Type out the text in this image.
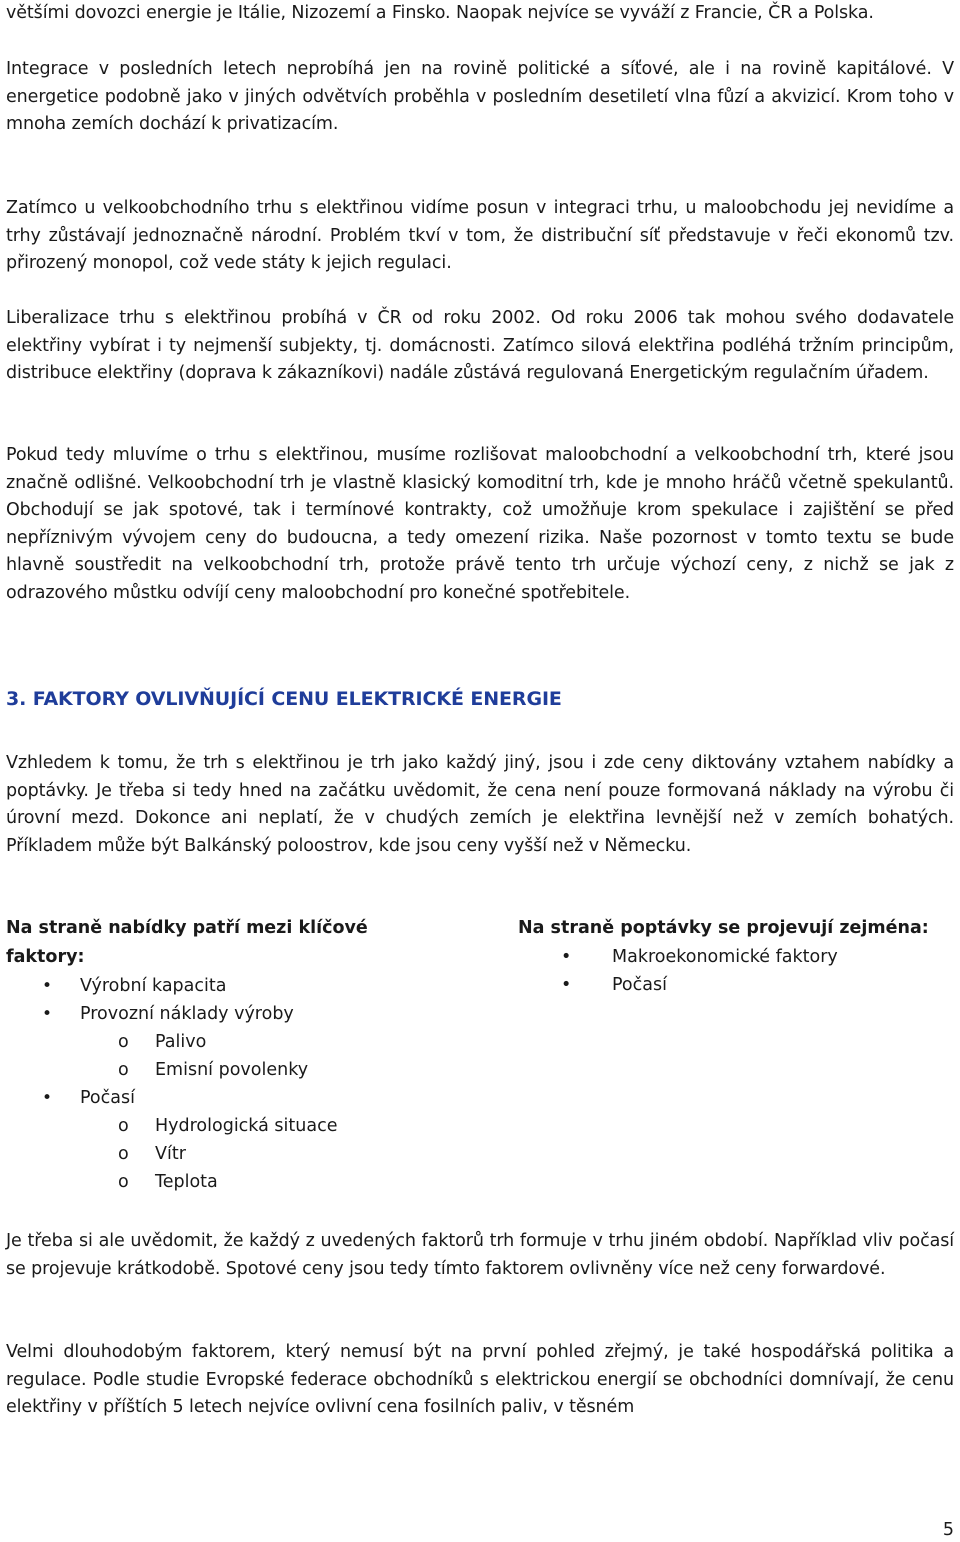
většími dovozci energie je Itálie, Nizozemí a Finsko. Naopak nejvíce se vyváží z Francie, ČR a Polska.

Integrace v posledních letech neprobíhá jen na rovině politické a síťové, ale i na rovině kapitálové. V energetice podobně jako v jiných odvětvích proběhla v posledním desetiletí vlna fůzí a akvizicí. Krom toho v mnoha zemích dochází k privatizacím.

Zatímco u velkoobchodního trhu s elektřinou vidíme posun v integraci trhu, u maloobchodu jej nevidíme a trhy zůstávají jednoznačně národní. Problém tkví v tom, že distribuční síť představuje v řeči ekonomů tzv. přirozený monopol, což vede státy k jejich regulaci.

Liberalizace trhu s elektřinou probíhá v ČR od roku 2002. Od roku 2006 tak mohou svého dodavatele elektřiny vybírat i ty nejmenší subjekty, tj. domácnosti. Zatímco silová elektřina podléhá tržním principům, distribuce elektřiny (doprava k zákazníkovi) nadále zůstává regulovaná Energetickým regulačním úřadem.

Pokud tedy mluvíme o trhu s elektřinou, musíme rozlišovat maloobchodní a velkoobchodní trh, které jsou značně odlišné. Velkoobchodní trh je vlastně klasický komoditní trh, kde je mnoho hráčů včetně spekulantů. Obchodují se jak spotové, tak i termínové kontrakty, což umožňuje krom spekulace i zajištění se před nepříznivým vývojem ceny do budoucna, a tedy omezení rizika. Naše pozornost v tomto textu se bude hlavně soustředit na velkoobchodní trh, protože právě tento trh určuje výchozí ceny, z nichž se jak z odrazového můstku odvíjí ceny maloobchodní pro konečné spotřebitele.

3. FAKTORY OVLIVŇUJÍCÍ CENU ELEKTRICKÉ ENERGIE

Vzhledem k tomu, že trh s elektřinou je trh jako každý jiný, jsou i zde ceny diktovány vztahem nabídky a poptávky. Je třeba si tedy hned na začátku uvědomit, že cena není pouze formovaná náklady na výrobu či úrovní mezd. Dokonce ani neplatí, že v chudých zemích je elektřina levnější než v zemích bohatých. Příkladem může být Balkánský poloostrov, kde jsou ceny vyšší než v Německu.

Na straně nabídky patří mezi klíčové faktory:

•	Výrobní kapacita
•	Provozní náklady výroby
o	Palivo
o	Emisní povolenky
•	Počasí
o	Hydrologická situace
o	Vítr
o	Teplota

Na straně poptávky se projevují zejména:

•	Makroekonomické faktory
•	Počasí

Je třeba si ale uvědomit, že každý z uvedených faktorů trh formuje v trhu jiném období. Například vliv počasí se projevuje krátkodobě. Spotové ceny jsou tedy tímto faktorem ovlivněny více než ceny forwardové.

Velmi dlouhodobým faktorem, který nemusí být na první pohled zřejmý, je také hospodářská politika a regulace. Podle studie Evropské federace obchodníků s elektrickou energií se obchodníci domnívají, že cenu elektřiny v příštích 5 letech nejvíce ovlivní cena fosilních paliv, v těsném

5
